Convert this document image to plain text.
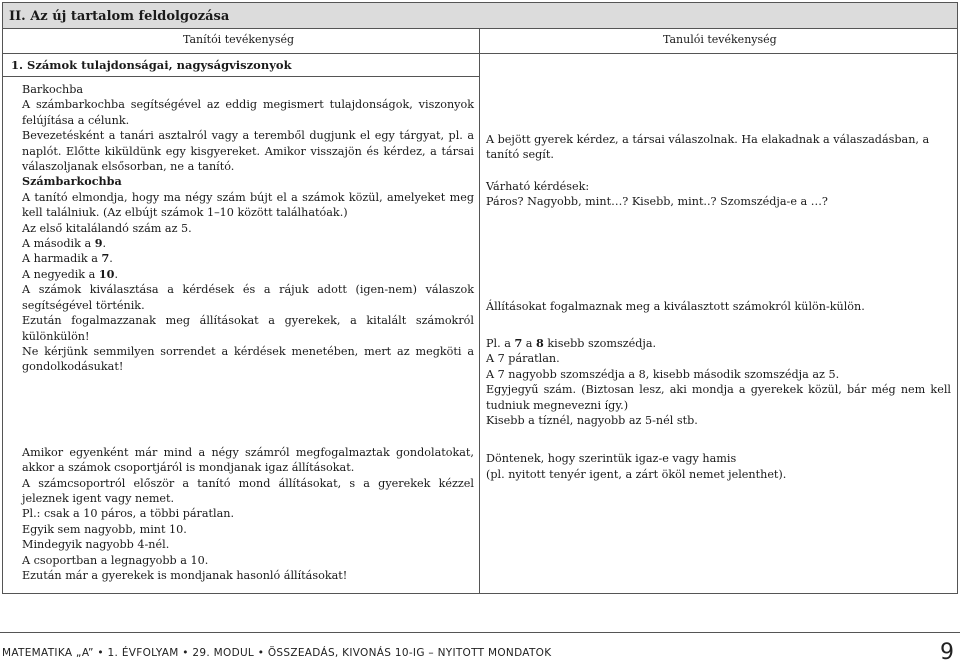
II. Az új tartalom feldolgozása
Tanítói tevékenység	Tanulói tevékenység
1. Számok tulajdonságai, nagyságviszonyok

Barkochba

A számbarkochba segítségével az eddig megismert tulajdonságok, viszonyok felújítása a célunk.

Bevezetésként a tanári asztalról vagy a teremből dugjunk el egy tárgyat, pl. a naplót. Előtte kiküldünk egy kisgyereket. Amikor visszajön és kérdez, a társai válaszoljanak elsősorban, ne a tanító.

Számbarkochba

A tanító elmondja, hogy ma négy szám bújt el a számok közül, amelyeket meg kell találniuk. (Az elbújt számok 1–10 között találhatóak.)

Az első kitalálandó szám az 5.

A második a 9.

A harmadik a 7.

A negyedik a 10.

A számok kiválasztása a kérdések és a rájuk adott (igen-nem) válaszok segítségével történik.

Ezután fogalmazzanak meg állításokat a gyerekek, a kitalált számokról különkülön!

Ne kérjünk semmilyen sorrendet a kérdések menetében, mert az megköti a gondolkodásukat!

Amikor egyenként már mind a négy számról megfogalmaztak gondolatokat, akkor a számok csoportjáról is mondjanak igaz állításokat.

A számcsoportról először a tanító mond állításokat, s a gyerekek kézzel jeleznek igent vagy nemet.

Pl.: csak a 10 páros, a többi páratlan.

Egyik sem nagyobb, mint 10.

Mindegyik nagyobb 4-nél.

A csoportban a legnagyobb a 10.

Ezután már a gyerekek is mondjanak hasonló állításokat!

A bejött gyerek kérdez, a társai válaszolnak. Ha elakadnak a válaszadásban, a tanító segít.

Várható kérdések:

Páros? Nagyobb, mint…? Kisebb, mint..? Szomszédja-e a …?

Állításokat fogalmaznak meg a kiválasztott számokról külön-külön.

Pl. a 7 a 8 kisebb szomszédja.

A 7 páratlan.

A 7 nagyobb szomszédja a 8, kisebb második szomszédja az 5.

Egyjegyű szám. (Biztosan lesz, aki mondja a gyerekek közül, bár még nem kell tudniuk megnevezni így.)

Kisebb a tíznél, nagyobb az 5-nél stb.

Döntenek, hogy szerintük igaz-e vagy hamis

(pl. nyitott tenyér igent, a zárt ököl nemet jelenthet).

MATEMATIKA „A” • 1. ÉVFOLYAM • 29. MODUL • ÖSSZEADÁS, KIVONÁS 10-IG – NYITOTT MONDATOK	9
